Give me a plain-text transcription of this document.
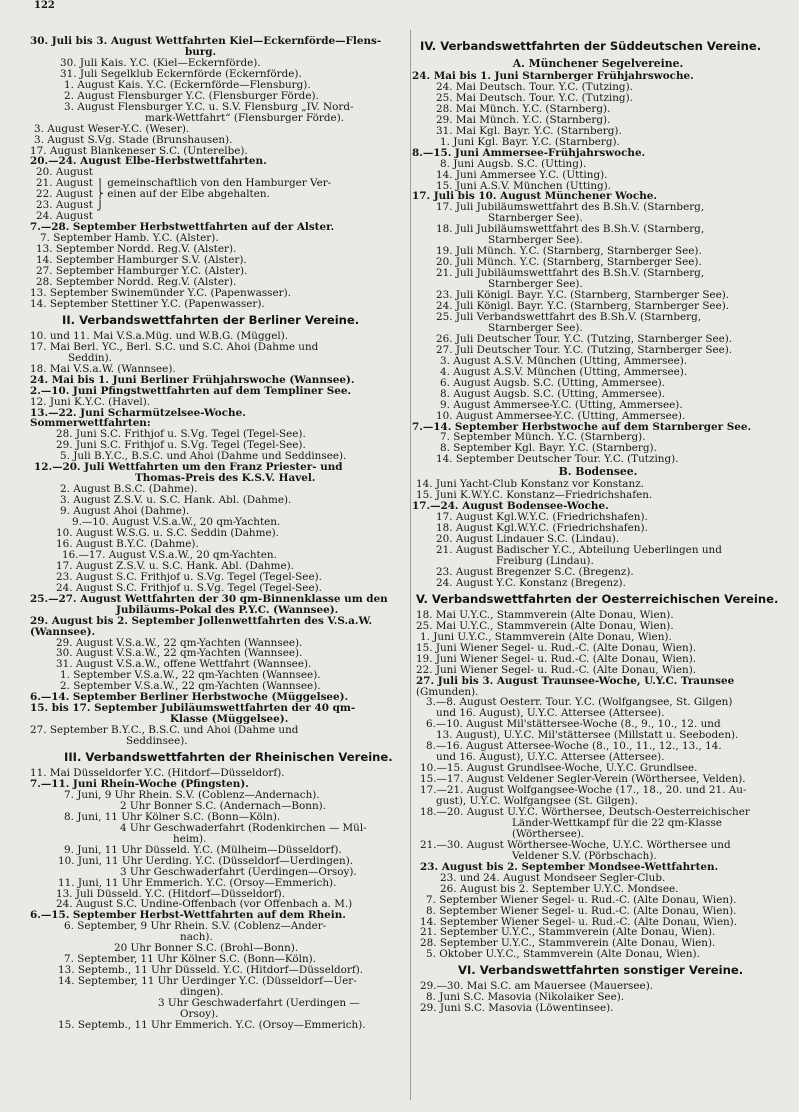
122
30. Juli bis 3. August Wettfahrten Kiel—Eckernförde—Flens-
burg.
30. Juli Kais. Y.C. (Kiel—Eckernförde).
31. Juli Segelklub Eckernförde (Eckernförde).
1. August Kais. Y.C. (Eckernförde—Flensburg).
2. August Flensburger Y.C. (Flensburger Förde).
3. August Flensburger Y.C. u. S.V. Flensburg „IV. Nord-
mark-Wettfahrt“ (Flensburger Förde).
3. August Weser-Y.C. (Weser).
3. August S.Vg. Stade (Brunshausen).
17. August Blankeneser S.C. (Unterelbe).
20.—24. August Elbe-Herbstwettfahrten.
20. August
21. August ⎫ gemeinschaftlich von den Hamburger Ver-
22. August ⎬ einen auf der Elbe abgehalten.
23. August ⎭
24. August
7.—28. September Herbstwettfahrten auf der Alster.
7. September Hamb. Y.C. (Alster).
13. September Nordd. Reg.V. (Alster).
14. September Hamburger S.V. (Alster).
27. September Hamburger Y.C. (Alster).
28. September Nordd. Reg.V. (Alster).
13. September Swinemünder Y.C. (Papenwasser).
14. September Stettiner Y.C. (Papenwasser).
II. Verbandswettfahrten der Berliner Vereine.
10. und 11. Mai V.S.a.Müg. und W.B.G. (Müggel).
17. Mai Berl. YC., Berl. S.C. und S.C. Ahoi (Dahme und
Seddin).
18. Mai V.S.a.W. (Wannsee).
24. Mai bis 1. Juni Berliner Frühjahrswoche (Wannsee).
2.—10. Juni Pfingstwettfahrten auf dem Templiner See.
12. Juni K.Y.C. (Havel).
13.—22. Juni Scharmützelsee-Woche.
Sommerwettfahrten:
28. Juni S.C. Frithjof u. S.Vg. Tegel (Tegel-See).
29. Juni S.C. Frithjof u. S.Vg. Tegel (Tegel-See).
5. Juli B.Y.C., B.S.C. und Ahoi (Dahme und Seddinsee).
12.—20. Juli Wettfahrten um den Franz Priester- und
Thomas-Preis des K.S.V. Havel.
2. August B.S.C. (Dahme).
3. August Z.S.V. u. S.C. Hank. Abl. (Dahme).
9. August Ahoi (Dahme).
9.—10. August V.S.a.W., 20 qm-Yachten.
10. August W.S.G. u. S.C. Seddin (Dahme).
16. August B.Y.C. (Dahme).
16.—17. August V.S.a.W., 20 qm-Yachten.
17. August Z.S.V. u. S.C. Hank. Abl. (Dahme).
23. August S.C. Frithjof u. S.Vg. Tegel (Tegel-See).
24. August S.C. Frithjof u. S.Vg. Tegel (Tegel-See).
25.—27. August Wettfahrten der 30 qm-Binnenklasse um den
Jubiläums-Pokal des P.Y.C. (Wannsee).
29. August bis 2. September Jollenwettfahrten des V.S.a.W.
(Wannsee).
29. August V.S.a.W., 22 qm-Yachten (Wannsee).
30. August V.S.a.W., 22 qm-Yachten (Wannsee).
31. August V.S.a.W., offene Wettfahrt (Wannsee).
1. September V.S.a.W., 22 qm-Yachten (Wannsee).
2. September V.S.a.W., 22 qm-Yachten (Wannsee).
6.—14. September Berliner Herbstwoche (Müggelsee).
15. bis 17. September Jubiläumswettfahrten der 40 qm-
Klasse (Müggelsee).
27. September B.Y.C., B.S.C. und Ahoi (Dahme und
Seddinsee).
III. Verbandswettfahrten der Rheinischen Vereine.
11. Mai Düsseldorfer Y.C. (Hitdorf—Düsseldorf).
7.—11. Juni Rhein-Woche (Pfingsten).
7. Juni, 9 Uhr Rhein. S.V. (Coblenz—Andernach).
2 Uhr Bonner S.C. (Andernach—Bonn).
8. Juni, 11 Uhr Kölner S.C. (Bonn—Köln).
4 Uhr Geschwaderfahrt (Rodenkirchen — Mül-
heim).
9. Juni, 11 Uhr Düsseld. Y.C. (Mülheim—Düsseldorf).
10. Juni, 11 Uhr Uerding. Y.C. (Düsseldorf—Uerdingen).
3 Uhr Geschwaderfahrt (Uerdingen—Orsoy).
11. Juni, 11 Uhr Emmerich. Y.C. (Orsoy—Emmerich).
13. Juli Düsseld. Y.C. (Hitdorf—Düsseldorf).
24. August S.C. Undine-Offenbach (vor Offenbach a. M.)
6.—15. September Herbst-Wettfahrten auf dem Rhein.
6. September, 9 Uhr Rhein. S.V. (Coblenz—Ander-
nach).
20 Uhr Bonner S.C. (Brohl—Bonn).
7. September, 11 Uhr Kölner S.C. (Bonn—Köln).
13. Septemb., 11 Uhr Düsseld. Y.C. (Hitdorf—Düsseldorf).
14. September, 11 Uhr Uerdinger Y.C. (Düsseldorf—Uer-
dingen).
3 Uhr Geschwaderfahrt (Uerdingen —
Orsoy).
15. Septemb., 11 Uhr Emmerich. Y.C. (Orsoy—Emmerich).
IV. Verbandswettfahrten der Süddeutschen Vereine.
A. Münchener Segelvereine.
24. Mai bis 1. Juni Starnberger Frühjahrswoche.
24. Mai Deutsch. Tour. Y.C. (Tutzing).
25. Mai Deutsch. Tour. Y.C. (Tutzing).
28. Mai Münch. Y.C. (Starnberg).
29. Mai Münch. Y.C. (Starnberg).
31. Mai Kgl. Bayr. Y.C. (Starnberg).
1. Juni Kgl. Bayr. Y.C. (Starnberg).
8.—15. Juni Ammersee-Frühjahrswoche.
8. Juni Augsb. S.C. (Utting).
14. Juni Ammersee Y.C. (Utting).
15. Juni A.S.V. München (Utting).
17. Juli bis 10. August Münchener Woche.
17. Juli Jubiläumswettfahrt des B.Sh.V. (Starnberg,
Starnberger See).
18. Juli Jubiläumswettfahrt des B.Sh.V. (Starnberg,
Starnberger See).
19. Juli Münch. Y.C. (Starnberg, Starnberger See).
20. Juli Münch. Y.C. (Starnberg, Starnberger See).
21. Juli Jubiläumswettfahrt des B.Sh.V. (Starnberg,
Starnberger See).
23. Juli Königl. Bayr. Y.C. (Starnberg, Starnberger See).
24. Juli Königl. Bayr. Y.C. (Starnberg, Starnberger See).
25. Juli Verbandswettfahrt des B.Sh.V. (Starnberg,
Starnberger See).
26. Juli Deutscher Tour. Y.C. (Tutzing, Starnberger See).
27. Juli Deutscher Tour. Y.C. (Tutzing, Starnberger See).
3. August A.S.V. München (Utting, Ammersee).
4. August A.S.V. München (Utting, Ammersee).
6. August Augsb. S.C. (Utting, Ammersee).
8. August Augsb. S.C. (Utting, Ammersee).
9. August Ammersee-Y.C. (Utting, Ammersee).
10. August Ammersee-Y.C. (Utting, Ammersee).
7.—14. September Herbstwoche auf dem Starnberger See.
7. September Münch. Y.C. (Starnberg).
8. September Kgl. Bayr. Y.C. (Starnberg).
14. September Deutscher Tour. Y.C. (Tutzing).
B. Bodensee.
14. Juni Yacht-Club Konstanz vor Konstanz.
15. Juni K.W.Y.C. Konstanz—Friedrichshafen.
17.—24. August Bodensee-Woche.
17. August Kgl.W.Y.C. (Friedrichshafen).
18. August Kgl.W.Y.C. (Friedrichshafen).
20. August Lindauer S.C. (Lindau).
21. August Badischer Y.C., Abteilung Ueberlingen und
Freiburg (Lindau).
23. August Bregenzer S.C. (Bregenz).
24. August Y.C. Konstanz (Bregenz).
V. Verbandswettfahrten der Oesterreichischen Vereine.
18. Mai U.Y.C., Stammverein (Alte Donau, Wien).
25. Mai U.Y.C., Stammverein (Alte Donau, Wien).
1. Juni U.Y.C., Stammverein (Alte Donau, Wien).
15. Juni Wiener Segel- u. Rud.-C. (Alte Donau, Wien).
19. Juni Wiener Segel- u. Rud.-C. (Alte Donau, Wien).
22. Juni Wiener Segel- u. Rud.-C. (Alte Donau, Wien).
27. Juli bis 3. August Traunsee-Woche, U.Y.C. Traunsee
(Gmunden).
3.—8. August Oesterr. Tour. Y.C. (Wolfgangsee, St. Gilgen)
und 16. August), U.Y.C. Attersee (Attersee).
6.—10. August Mil'stättersee-Woche (8., 9., 10., 12. und
13. August), U.Y.C. Mil'stättersee (Millstatt u. Seeboden).
8.—16. August Attersee-Woche (8., 10., 11., 12., 13., 14.
und 16. August), U.Y.C. Attersee (Attersee).
10.—15. August Grundlsee-Woche, U.Y.C. Grundlsee.
15.—17. August Veldener Segler-Verein (Wörthersee, Velden).
17.—21. August Wolfgangsee-Woche (17., 18., 20. und 21. Au-
gust), U.Y.C. Wolfgangsee (St. Gilgen).
18.—20. August U.Y.C. Wörthersee, Deutsch-Oesterreichischer
Länder-Wettkampf für die 22 qm-Klasse
(Wörthersee).
21.—30. August Wörthersee-Woche, U.Y.C. Wörthersee und
Veldener S.V. (Pörbschach).
23. August bis 2. September Mondsee-Wettfahrten.
23. und 24. August Mondseer Segler-Club.
26. August bis 2. September U.Y.C. Mondsee.
7. September Wiener Segel- u. Rud.-C. (Alte Donau, Wien).
8. September Wiener Segel- u. Rud.-C. (Alte Donau, Wien).
14. September Wiener Segel- u. Rud.-C. (Alte Donau, Wien).
21. September U.Y.C., Stammverein (Alte Donau, Wien).
28. September U.Y.C., Stammverein (Alte Donau, Wien).
5. Oktober U.Y.C., Stammverein (Alte Donau, Wien).
VI. Verbandswettfahrten sonstiger Vereine.
29.—30. Mai S.C. am Mauersee (Mauersee).
8. Juni S.C. Masovia (Nikolaiker See).
29. Juni S.C. Masovia (Löwentinsee).
